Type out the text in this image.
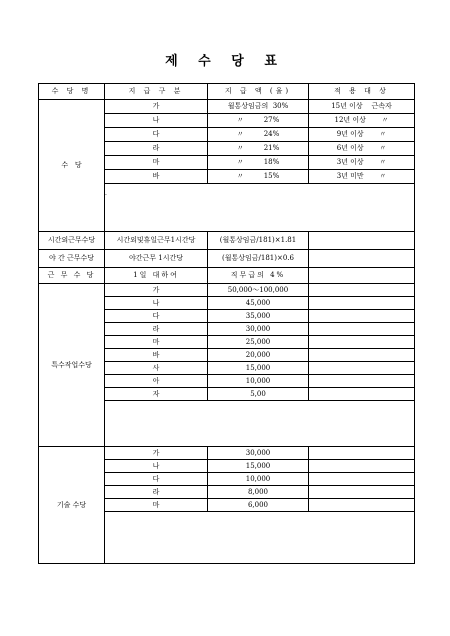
제 수 당 표
수 당 명	지 급 구 분	지 급 액 (율)	적 용 대 상
수   당	가	월통상임금의  30%	15년 이상    근속자
	나	〃         27%	12년 이상       〃
	다	〃         24%	9년 이상       〃
	라	〃         21%	6년 이상       〃
	마	〃         18%	3년 이상       〃
	바	〃         15%	3년 미만       〃

시간외근무수당	시간외및휴일근무1시간당	(월통상임금/181)×1.81	
야 간 근무수당	야간근무 1시간당	(월통상임금/181)×0.6	
근 무 수 당	1일 대하여	직무급의 4%	
특수작업수당	가	50,000～100,000	
	나	45,000	
	다	35,000	
	라	30,000	
	마	25,000	
	바	20,000	
	사	15,000	
	아	10,000	
	자	5,00	

기술 수당	가	30,000	
	나	15,000	
	다	10,000	
	라	8,000	
	마	6,000	

.
